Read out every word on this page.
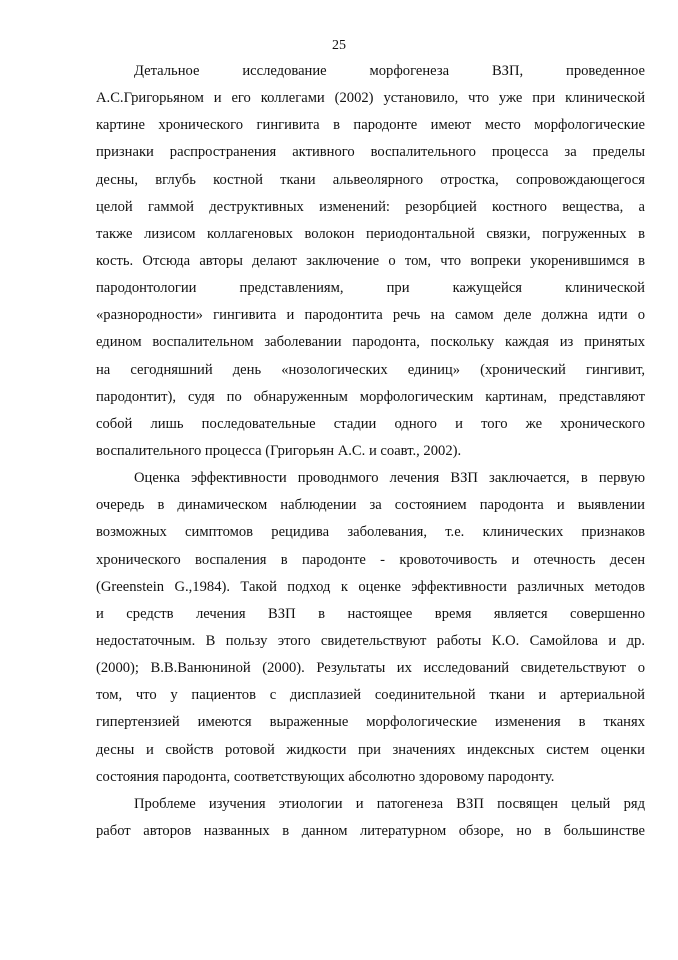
25
Детальное исследование морфогенеза ВЗП, проведенное
А.С.Григорьяном и его коллегами (2002) установило, что уже при клинической
картине хронического гингивита в пародонте имеют место морфологические
признаки распространения активного воспалительного процесса за пределы
десны, вглубь костной ткани альвеолярного отростка, сопровождающегося
целой гаммой деструктивных изменений: резорбцией костного вещества, а
также лизисом коллагеновых волокон периодонтальной связки, погруженных в
кость. Отсюда авторы делают заключение о том, что вопреки укоренившимся в
пародонтологии представлениям, при кажущейся клинической
«разнородности» гингивита и пародонтита речь на самом деле должна идти о
едином воспалительном заболевании пародонта, поскольку каждая из принятых
на сегодняшний день «нозологических единиц» (хронический гингивит,
пародонтит), судя по обнаруженным морфологическим картинам, представляют
собой лишь последовательные стадии одного и того же хронического
воспалительного процесса (Григорьян А.С. и соавт., 2002).
Оценка эффективности проводнмого лечения ВЗП заключается, в первую
очередь в динамическом наблюдении за состоянием пародонта и выявлении
возможных симптомов рецидива заболевания, т.е. клинических признаков
хронического воспаления в пародонте - кровоточивость и отечность десен
(Greenstein G.,1984). Такой подход к оценке эффективности различных методов
и средств лечения ВЗП в настоящее время является совершенно
недостаточным. В пользу этого свидетельствуют работы К.О. Самойлова и др.
(2000); В.В.Ванюниной (2000). Результаты их исследований свидетельствуют о
том, что у пациентов с дисплазией соединительной ткани и артериальной
гипертензией имеются выраженные морфологические изменения в тканях
десны и свойств ротовой жидкости при значениях индексных систем оценки
состояния пародонта, соответствующих абсолютно здоровому пародонту.
Проблеме изучения этиологии и патогенеза ВЗП посвящен целый ряд
работ авторов названных в данном литературном обзоре, но в большинстве
